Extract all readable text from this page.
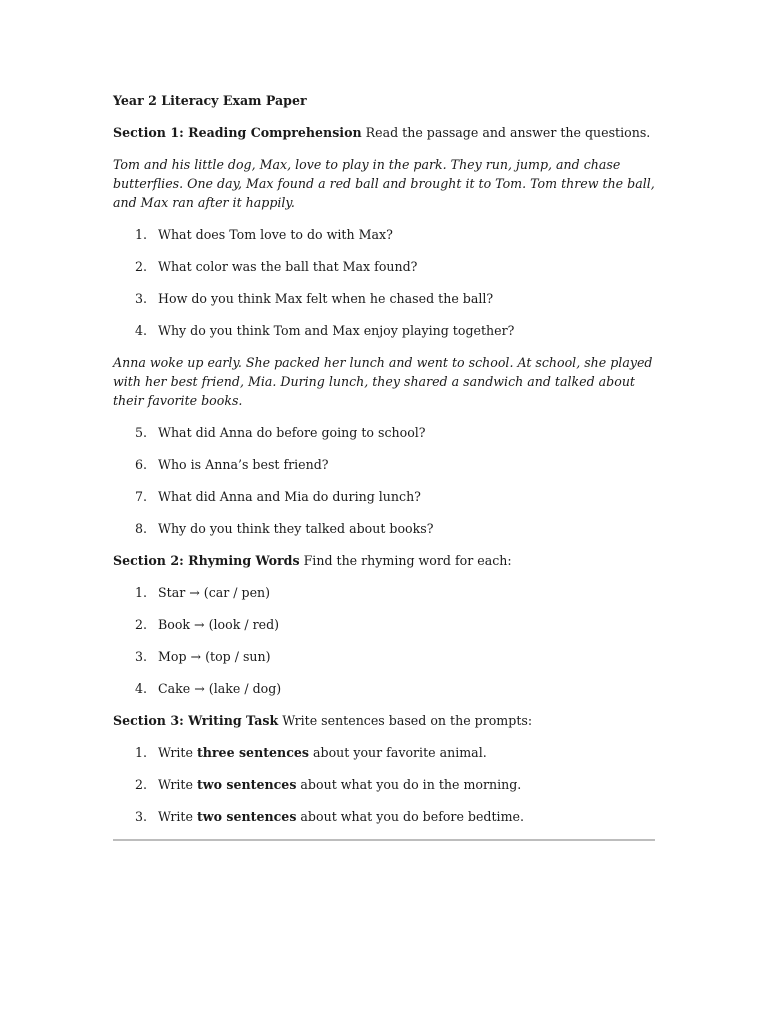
Year 2 Literacy Exam Paper

Section 1: Reading Comprehension Read the passage and answer the questions.

Tom and his little dog, Max, love to play in the park. They run, jump, and chase butterflies. One day, Max found a red ball and brought it to Tom. Tom threw the ball, and Max ran after it happily.

1. What does Tom love to do with Max?
2. What color was the ball that Max found?
3. How do you think Max felt when he chased the ball?
4. Why do you think Tom and Max enjoy playing together?

Anna woke up early. She packed her lunch and went to school. At school, she played with her best friend, Mia. During lunch, they shared a sandwich and talked about their favorite books.

5. What did Anna do before going to school?
6. Who is Anna’s best friend?
7. What did Anna and Mia do during lunch?
8. Why do you think they talked about books?

Section 2: Rhyming Words Find the rhyming word for each:

1. Star → (car / pen)
2. Book → (look / red)
3. Mop → (top / sun)
4. Cake → (lake / dog)

Section 3: Writing Task Write sentences based on the prompts:

1. Write three sentences about your favorite animal.
2. Write two sentences about what you do in the morning.
3. Write two sentences about what you do before bedtime.
